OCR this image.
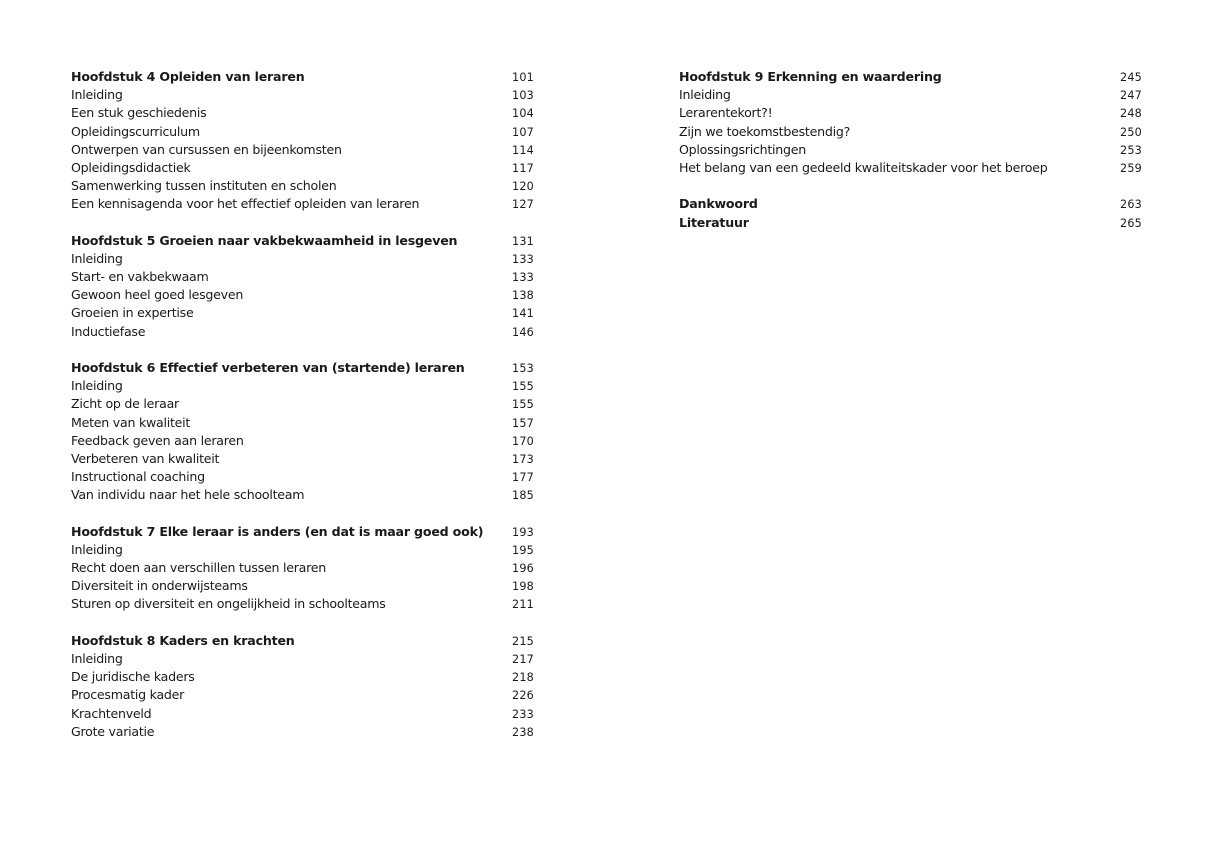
Hoofdstuk 4 Opleiden van leraren	101
Inleiding	103
Een stuk geschiedenis	104
Opleidingscurriculum	107
Ontwerpen van cursussen en bijeenkomsten	114
Opleidingsdidactiek	117
Samenwerking tussen instituten en scholen	120
Een kennisagenda voor het effectief opleiden van leraren	127
Hoofdstuk 5 Groeien naar vakbekwaamheid in lesgeven	131
Inleiding	133
Start- en vakbekwaam	133
Gewoon heel goed lesgeven	138
Groeien in expertise	141
Inductiefase	146
Hoofdstuk 6 Effectief verbeteren van (startende) leraren	153
Inleiding	155
Zicht op de leraar	155
Meten van kwaliteit	157
Feedback geven aan leraren	170
Verbeteren van kwaliteit	173
Instructional coaching	177
Van individu naar het hele schoolteam	185
Hoofdstuk 7 Elke leraar is anders (en dat is maar goed ook)	193
Inleiding	195
Recht doen aan verschillen tussen leraren	196
Diversiteit in onderwijsteams	198
Sturen op diversiteit en ongelijkheid in schoolteams	211
Hoofdstuk 8 Kaders en krachten	215
Inleiding	217
De juridische kaders	218
Procesmatig kader	226
Krachtenveld	233
Grote variatie	238
Hoofdstuk 9 Erkenning en waardering	245
Inleiding	247
Lerarentekort?!	248
Zijn we toekomstbestendig?	250
Oplossingsrichtingen	253
Het belang van een gedeeld kwaliteitskader voor het beroep	259
Dankwoord	263
Literatuur	265
